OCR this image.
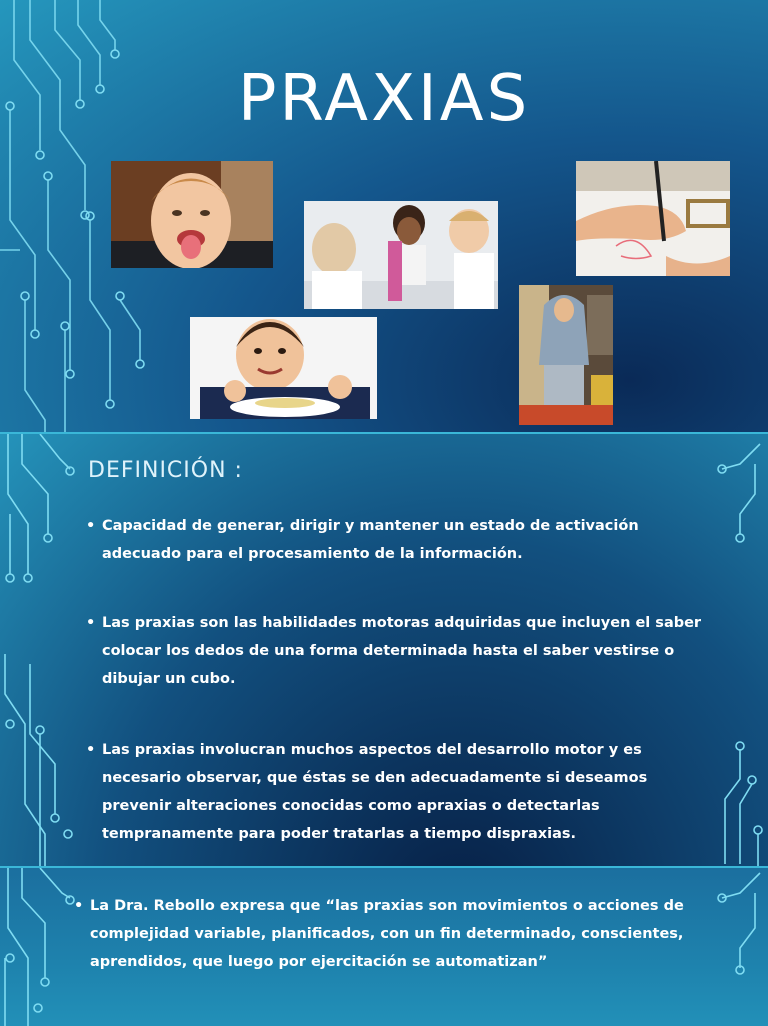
PRAXIAS
DEFINICIÓN :
• Capacidad de generar, dirigir y mantener un estado de activación adecuado para el procesamiento de la información.
• Las praxias son las habilidades motoras adquiridas que incluyen el saber colocar los dedos de una forma determinada hasta el saber vestirse o dibujar un cubo.
• Las praxias involucran muchos aspectos del desarrollo motor y es necesario observar, que éstas se den adecuadamente si deseamos prevenir alteraciones conocidas como apraxias o detectarlas tempranamente para poder tratarlas a tiempo dispraxias.
• La Dra. Rebollo expresa que “las praxias son movimientos o acciones de complejidad variable, planificados, con un fin determinado, conscientes, aprendidos, que luego por ejercitación se automatizan”
